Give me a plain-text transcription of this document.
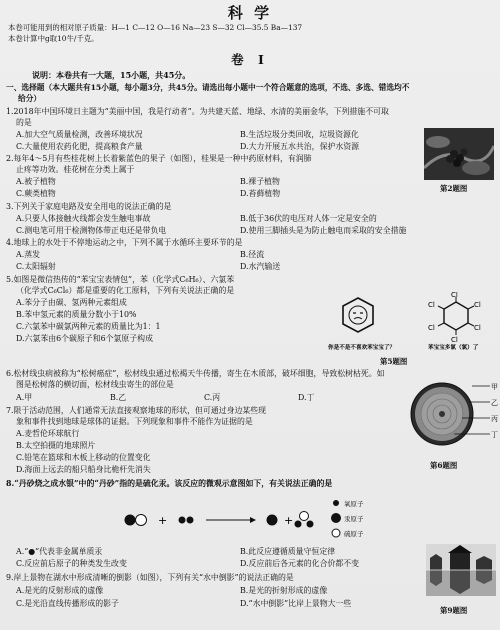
科 学
本卷可能用到的相对原子质量：H—1 C—12 O—16 Na—23 S—32 Cl—35.5 Ba—137
本卷计算中g取10牛/千克。
卷 Ⅰ
说明：本卷共有一大题，15小题，共45分。
一、选择题（本大题共有15小题，每小题3分，共45分。请选出每小题中一个符合题意的选项，不选、多选、错选均不
给分）
1.2018年中国环境日主题为“美丽中国，我是行动者”。为共建天蓝、地绿、水清的美丽金华，下列措施不可取
的是
A.加大空气质量检测，改善环境状况	B.生活垃圾分类回收，垃圾资源化
C.大量使用农药化肥，提高粮食产量	D.大力开展五水共治，保护水资源
2.每年4～5月有些桂花树上长着紫蓝色的果子（如图），桂果是一种中药原材料，有润肺
止疼等功效。桂花树在分类上属于
A.被子植物	B.裸子植物
C.蕨类植物	D.苔藓植物
第2题图
3.下列关于家庭电路及安全用电的说法正确的是
A.只要人体接触火线都会发生触电事故	B.低于36伏的电压对人体一定是安全的
C.测电笔可用于检测物体带正电还是带负电	D.使用三脚插头是为防止触电而采取的安全措施
4.地球上的水处于不停地运动之中，下列不属于水循环主要环节的是
A.蒸发	B.径流
C.太阳辐射	D.水汽输送
5.如图是微信热传的“苯宝宝表情包”，苯（化学式C₆H₆）、六氯苯
（化学式C₆Cl₆）都是重要的化工原料，下列有关说法正确的是
A.苯分子由碳、氢两种元素组成
B.苯中氢元素的质量分数小于10%
C.六氯苯中碳氯两种元素的质量比为1：1
D.六氯苯由6个碳原子和6个氯原子构成
Cl
Cl
Cl
Cl
Cl
Cl
你是不是不喜欢苯宝宝了？	苯宝宝多氯（氯）了
第5题图
6.松材线虫病被称为“松树癌症”，松材线虫通过松褐天牛传播，寄生在木质部，破坏细胞，导致松树枯死。如
图是松树落的横切面，松材线虫寄生的部位是
A.甲	B.乙	C.丙	D.丁
甲
乙
丙
丁
第6题图
7.限于活动范围，人们通常无法直接观察地球的形状，但可通过身边某些现
象和事件找到地球是球体的证据。下列现象和事件不能作为证据的是
A.麦哲伦环球航行
B.太空拍摄的地球照片
C.铅笔在篮球和木板上移动的位置变化
D.海面上远去的船只船身比桅杆先消失
8.“丹砂烧之成水银”中的“丹砂”指的是硫化汞。该反应的微观示意图如下，有关说法正确的是
+	+
氧原子
汞原子
硫原子
A.“●”代表非金属单质汞	B.此反应遵循质量守恒定律
C.反应前后原子的种类发生改变	D.反应前后各元素的化合价都不变
9.岸上景物在湖水中形成清晰的倒影（如图），下列有关“水中倒影”的说法正确的是
A.是光的反射形成的虚像	B.是光的折射形成的虚像
C.是光沿直线传播形成的影子	D.“水中倒影”比岸上景物大一些
第9题图
